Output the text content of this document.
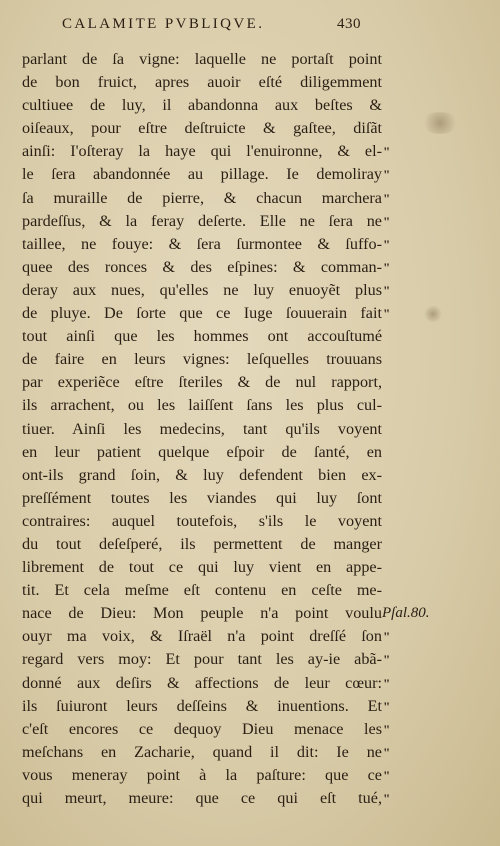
CALAMITE PVBLIQVE.	430
parlant de ſa vigne: laquelle ne portaſt point
de bon fruict, apres auoir eſté diligemment
cultiuee de luy, il abandonna aux beſtes &
oiſeaux, pour eſtre deſtruicte & gaſtee, diſãt
ainſi: I'oſteray la haye qui l'enuironne, & el-
le ſera abandonnée au pillage. Ie demoliray
ſa muraille de pierre, & chacun marchera
pardeſſus, & la feray deſerte. Elle ne ſera ne
taillee, ne fouye: & ſera ſurmontee & ſuffo-
quee des ronces & des eſpines: & comman-
deray aux nues, qu'elles ne luy enuoyẽt plus
de pluye. De ſorte que ce Iuge ſouuerain fait
tout ainſi que les hommes ont accouſtumé
de faire en leurs vignes: leſquelles trouuans
par experiẽce eſtre ſteriles & de nul rapport,
ils arrachent, ou les laiſſent ſans les plus cul-
tiuer. Ainſi les medecins, tant qu'ils voyent
en leur patient quelque eſpoir de ſanté, en
ont-ils grand ſoin, & luy defendent bien ex-
preſſément toutes les viandes qui luy ſont
contraires: auquel toutefois, s'ils le voyent
du tout deſeſperé, ils permettent de manger
librement de tout ce qui luy vient en appe-
tit. Et cela meſme eſt contenu en ceſte me-
nace de Dieu: Mon peuple n'a point voulu
ouyr ma voix, & Iſraël n'a point dreſſé ſon
regard vers moy: Et pour tant les ay-ie abã-
donné aux deſirs & affections de leur cœur:
ils ſuiuront leurs deſſeins & inuentions. Et
c'eſt encores ce dequoy Dieu menace les
meſchans en Zacharie, quand il dit: Ie ne
vous meneray point à la paſture: que ce
qui meurt, meure: que ce qui eſt tué,
"
"
"
"
"
"
"
"
Pſal.80.
"
"
"
"
"
"
"
"
